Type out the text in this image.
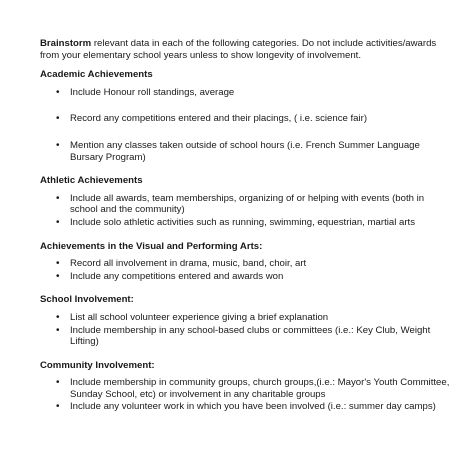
Brainstorm relevant data in each of the following categories. Do not include activities/awards from your elementary school years unless to show longevity of involvement.

Academic Achievements
• Include Honour roll standings, average
• Record any competitions entered and their placings, ( i.e. science fair)
• Mention any classes taken outside of school hours (i.e. French Summer Language Bursary Program)
Athletic Achievements
• Include all awards, team memberships, organizing of or helping with events (both in school and the community)
• Include solo athletic activities such as running, swimming, equestrian, martial arts
Achievements in the Visual and Performing Arts:
• Record all involvement in drama, music, band, choir, art
• Include any competitions entered and awards won
School Involvement:
• List all school volunteer experience giving a brief explanation
• Include membership in any school-based clubs or committees (i.e.: Key Club, Weight Lifting)
Community Involvement:
• Include membership in community groups, church groups,(i.e.: Mayor's Youth Committee, Sunday School, etc) or involvement in any charitable groups
• Include any volunteer work in which you have been involved (i.e.: summer day camps)
